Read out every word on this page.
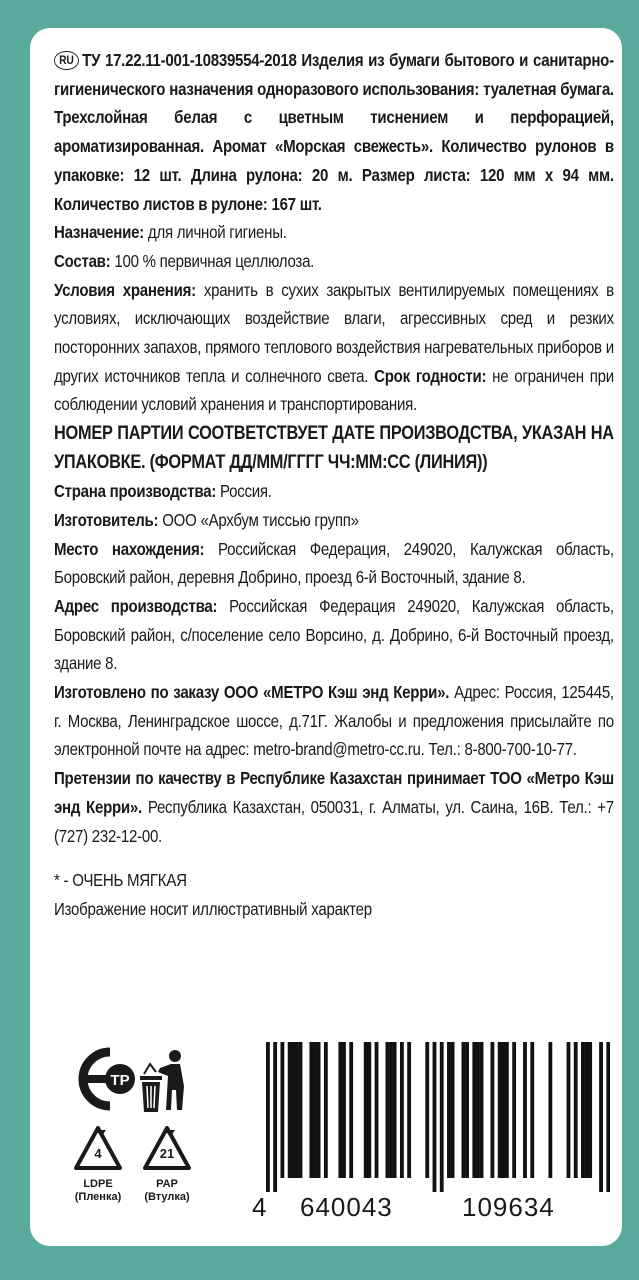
RU ТУ 17.22.11-001-10839554-2018 Изделия из бумаги бытового и санитарно-гигиенического назначения одноразового использования: туалетная бумага. Трехслойная белая с цветным тиснением и перфорацией, ароматизированная. Аромат «Морская свежесть». Количество рулонов в упаковке: 12 шт. Длина рулона: 20 м. Размер листа: 120 мм х 94 мм. Количество листов в рулоне: 167 шт.

Назначение: для личной гигиены.

Состав: 100 % первичная целлюлоза.

Условия хранения: хранить в сухих закрытых вентилируемых помещениях в условиях, исключающих воздействие влаги, агрессивных сред и резких посторонних запахов, прямого теплового воздействия нагревательных приборов и других источников тепла и солнечного света. Срок годности: не ограничен при соблюдении условий хранения и транспортирования.

НОМЕР ПАРТИИ СООТВЕТСТВУЕТ ДАТЕ ПРОИЗВОДСТВА, УКАЗАН НА УПАКОВКЕ. (ФОРМАТ ДД/ММ/ГГГГ ЧЧ:ММ:СС (ЛИНИЯ))

Страна производства: Россия.

Изготовитель: ООО «Архбум тиссью групп»

Место нахождения: Российская Федерация, 249020, Калужская область, Боровский район, деревня Добрино, проезд 6-й Восточный, здание 8.

Адрес производства: Российская Федерация 249020, Калужская область, Боровский район, с/поселение село Ворсино, д. Добрино, 6-й Восточный проезд, здание 8.

Изготовлено по заказу ООО «МЕТРО Кэш энд Керри». Адрес: Россия, 125445, г. Москва, Ленинградское шоссе, д.71Г. Жалобы и предложения присылайте по электронной почте на адрес: metro-brand@metro-cc.ru. Тел.: 8-800-700-10-77.

Претензии по качеству в Республике Казахстан принимает ТОО «Метро Кэш энд Керри». Республика Казахстан, 050031, г. Алматы, ул. Саина, 16В. Тел.: +7 (727) 232-12-00.

* - ОЧЕНЬ МЯГКАЯ

Изображение носит иллюстративный характер

ТР
4
LDPE
(Пленка)
21
PAP
(Втулка)	4 640043	109634
